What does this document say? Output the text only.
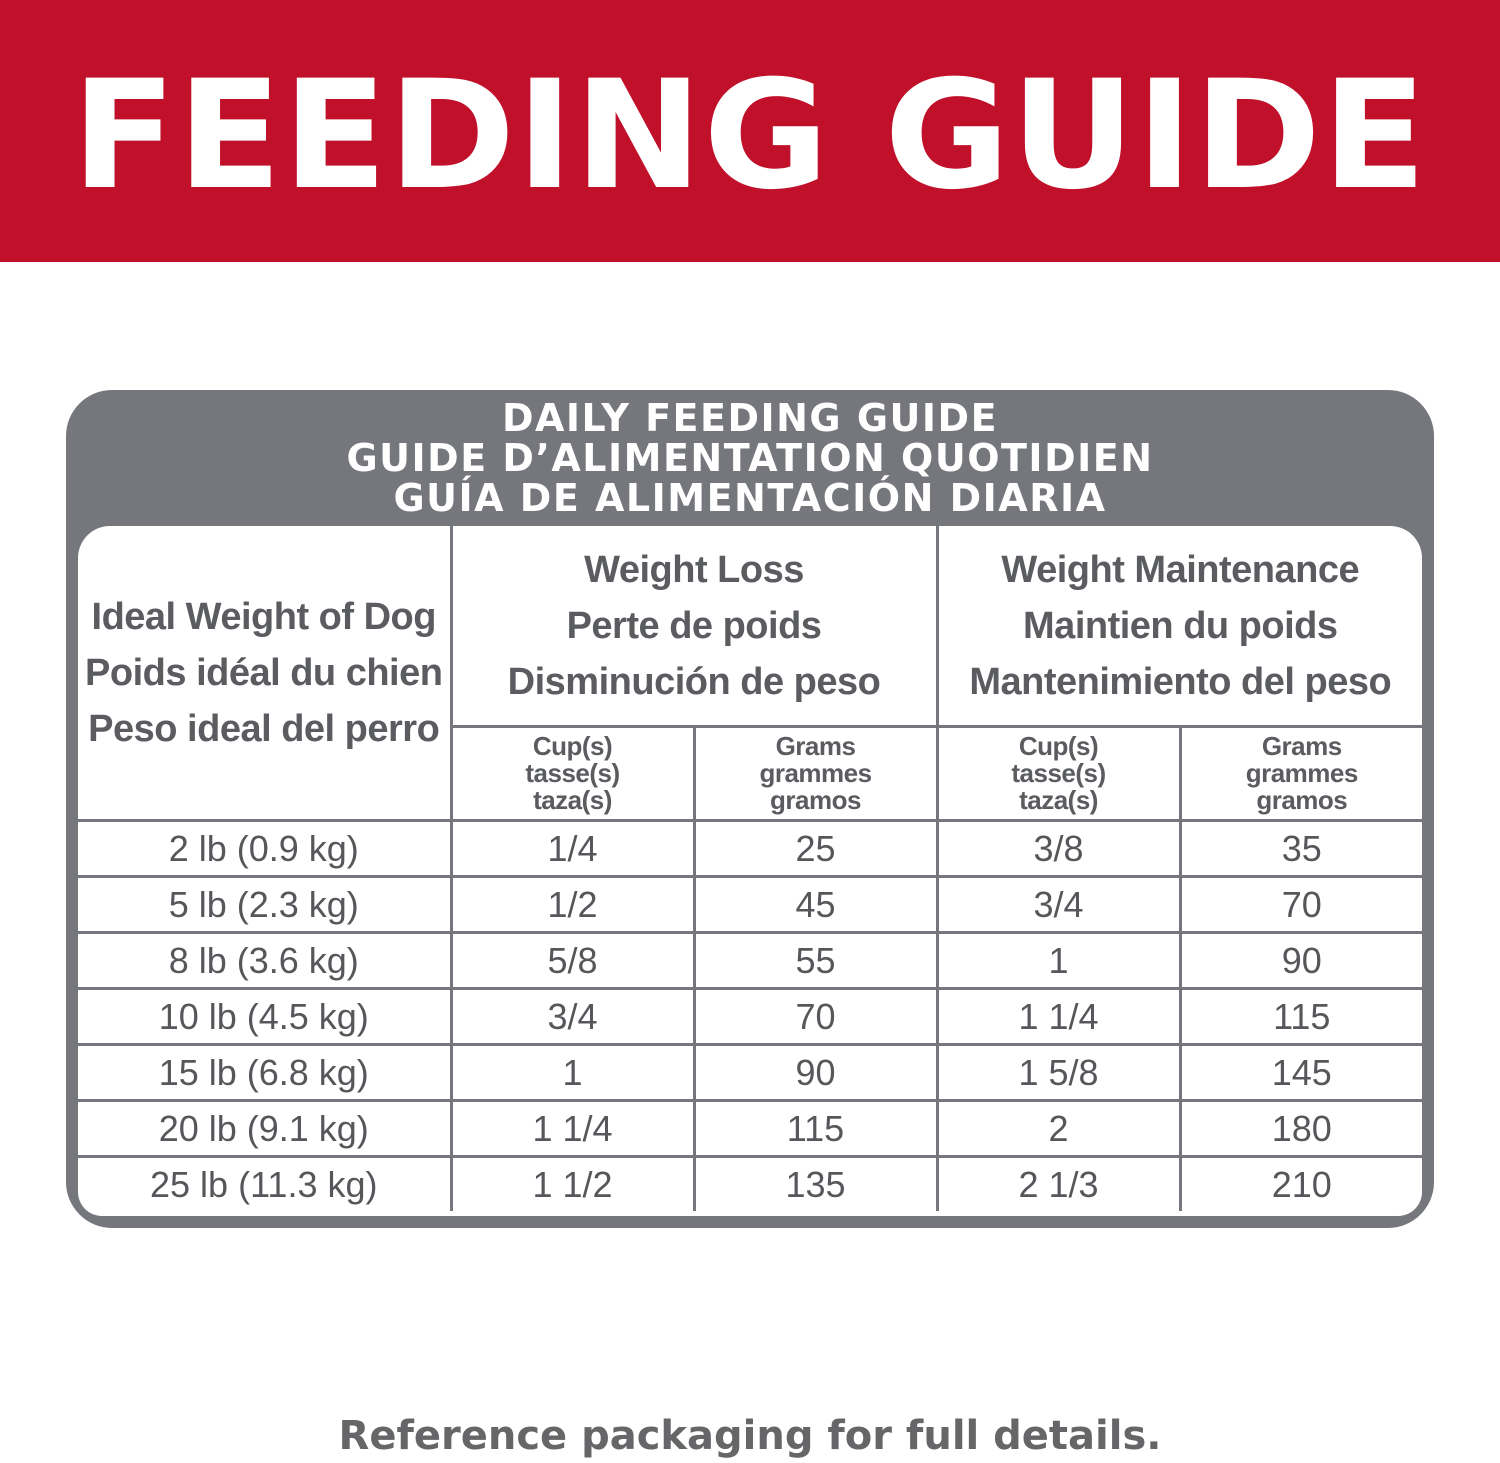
FEEDING GUIDE
DAILY FEEDING GUIDE
GUIDE D’ALIMENTATION QUOTIDIEN
GUÍA DE ALIMENTACIÓN DIARIA
Ideal Weight of Dog
Poids idéal du chien
Peso ideal del perro	Weight Loss
Perte de poids
Disminución de peso		Weight Maintenance
Maintien du poids
Mantenimiento del peso	

	Cup(s)
tasse(s)
taza(s)	Grams
grammes
gramos	Cup(s)
tasse(s)
taza(s)	Grams
grammes
gramos

2 lb (0.9 kg)	1/4	25	3/8	35
5 lb (2.3 kg)	1/2	45	3/4	70
8 lb (3.6 kg)	5/8	55	1	90
10 lb (4.5 kg)	3/4	70	1 1/4	115
15 lb (6.8 kg)	1	90	1 5/8	145
20 lb (9.1 kg)	1 1/4	115	2	180
25 lb (11.3 kg)	1 1/2	135	2 1/3	210
Reference packaging for full details.
